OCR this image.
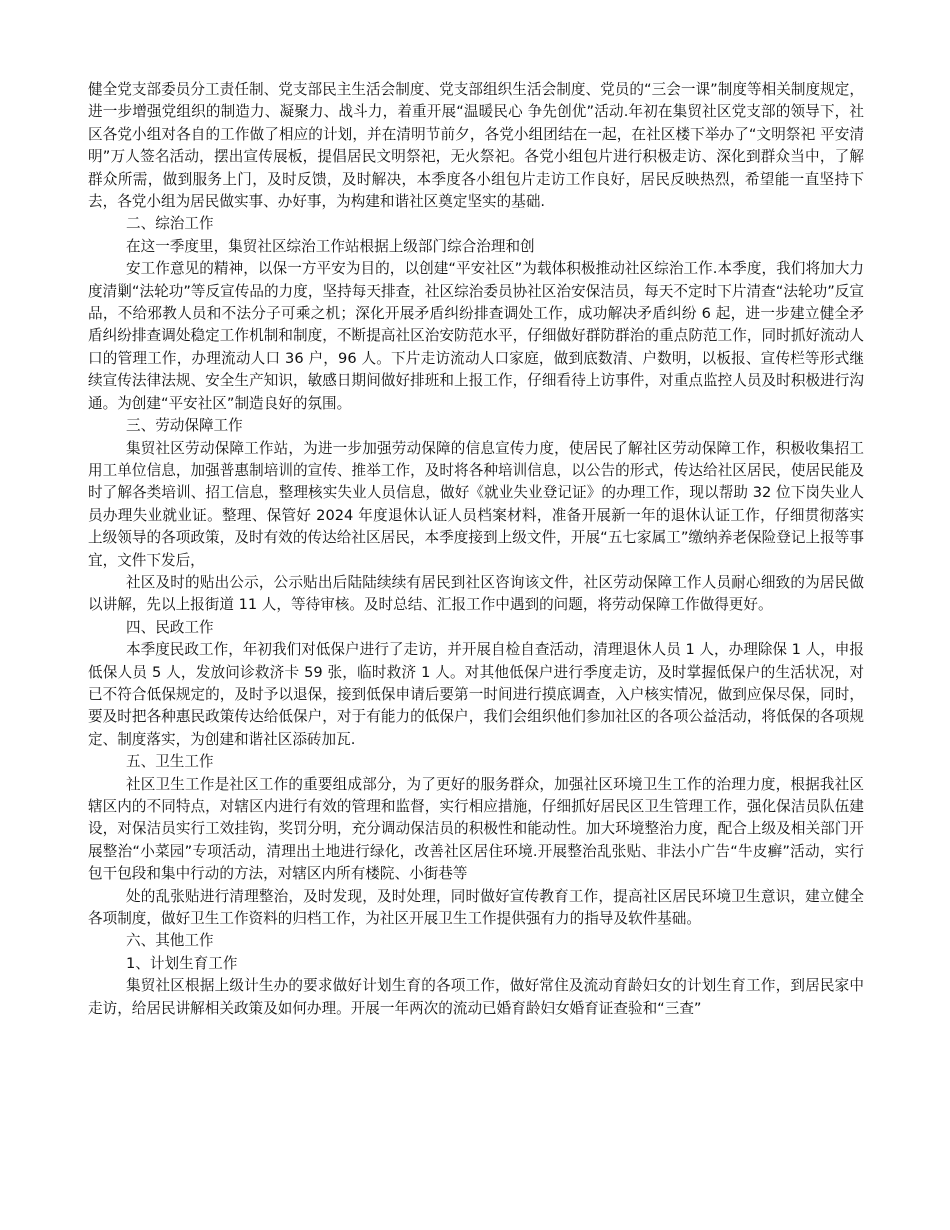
健全党支部委员分工责任制、党支部民主生活会制度、党支部组织生活会制度、党员的“三会一课”制度等相关制度规定，进一步增强党组织的制造力、凝聚力、战斗力，着重开展“温暖民心 争先创优”活动.年初在集贸社区党支部的领导下，社区各党小组对各自的工作做了相应的计划，并在清明节前夕，各党小组团结在一起，在社区楼下举办了“文明祭祀 平安清明”万人签名活动，摆出宣传展板，提倡居民文明祭祀，无火祭祀。各党小组包片进行积极走访、深化到群众当中，了解群众所需，做到服务上门，及时反馈，及时解决，本季度各小组包片走访工作良好，居民反映热烈，希望能一直坚持下去，各党小组为居民做实事、办好事，为构建和谐社区奠定坚实的基础.

二、综治工作

在这一季度里，集贸社区综治工作站根据上级部门综合治理和创

安工作意见的精神，以保一方平安为目的，以创建“平安社区”为载体积极推动社区综治工作.本季度，我们将加大力度清剿“法轮功”等反宣传品的力度，坚持每天排查，社区综治委员协社区治安保洁员，每天不定时下片清查“法轮功”反宣品，不给邪教人员和不法分子可乘之机；深化开展矛盾纠纷排查调处工作，成功解决矛盾纠纷 6 起，进一步建立健全矛盾纠纷排查调处稳定工作机制和制度，不断提高社区治安防范水平，仔细做好群防群治的重点防范工作，同时抓好流动人口的管理工作，办理流动人口 36 户，96 人。下片走访流动人口家庭，做到底数清、户数明，以板报、宣传栏等形式继续宣传法律法规、安全生产知识，敏感日期间做好排班和上报工作，仔细看待上访事件，对重点监控人员及时积极进行沟通。为创建“平安社区”制造良好的氛围。

三、劳动保障工作

集贸社区劳动保障工作站，为进一步加强劳动保障的信息宣传力度，使居民了解社区劳动保障工作，积极收集招工用工单位信息，加强普惠制培训的宣传、推举工作，及时将各种培训信息，以公告的形式，传达给社区居民，使居民能及时了解各类培训、招工信息，整理核实失业人员信息，做好《就业失业登记证》的办理工作，现以帮助 32 位下岗失业人员办理失业就业证。整理、保管好 2024 年度退休认证人员档案材料，准备开展新一年的退休认证工作，仔细贯彻落实上级领导的各项政策，及时有效的传达给社区居民，本季度接到上级文件，开展“五七家属工”缴纳养老保险登记上报等事宜，文件下发后，

社区及时的贴出公示，公示贴出后陆陆续续有居民到社区咨询该文件，社区劳动保障工作人员耐心细致的为居民做以讲解，先以上报街道 11 人，等待审核。及时总结、汇报工作中遇到的问题，将劳动保障工作做得更好。

四、民政工作

本季度民政工作，年初我们对低保户进行了走访，并开展自检自查活动，清理退休人员 1 人，办理除保 1 人，申报低保人员 5 人，发放问诊救济卡 59 张，临时救济 1 人。对其他低保户进行季度走访，及时掌握低保户的生活状况，对已不符合低保规定的，及时予以退保，接到低保申请后要第一时间进行摸底调查，入户核实情况，做到应保尽保，同时，要及时把各种惠民政策传达给低保户，对于有能力的低保户，我们会组织他们参加社区的各项公益活动，将低保的各项规定、制度落实，为创建和谐社区添砖加瓦.

五、卫生工作

社区卫生工作是社区工作的重要组成部分，为了更好的服务群众，加强社区环境卫生工作的治理力度，根据我社区辖区内的不同特点，对辖区内进行有效的管理和监督，实行相应措施，仔细抓好居民区卫生管理工作，强化保洁员队伍建设，对保洁员实行工效挂钩，奖罚分明，充分调动保洁员的积极性和能动性。加大环境整治力度，配合上级及相关部门开展整治“小菜园”专项活动，清理出土地进行绿化，改善社区居住环境.开展整治乱张贴、非法小广告“牛皮癣”活动，实行包干包段和集中行动的方法，对辖区内所有楼院、小街巷等

处的乱张贴进行清理整治，及时发现，及时处理，同时做好宣传教育工作，提高社区居民环境卫生意识，建立健全各项制度，做好卫生工作资料的归档工作，为社区开展卫生工作提供强有力的指导及软件基础。

六、其他工作

1、计划生育工作

集贸社区根据上级计生办的要求做好计划生育的各项工作，做好常住及流动育龄妇女的计划生育工作，到居民家中走访，给居民讲解相关政策及如何办理。开展一年两次的流动已婚育龄妇女婚育证查验和“三查”
